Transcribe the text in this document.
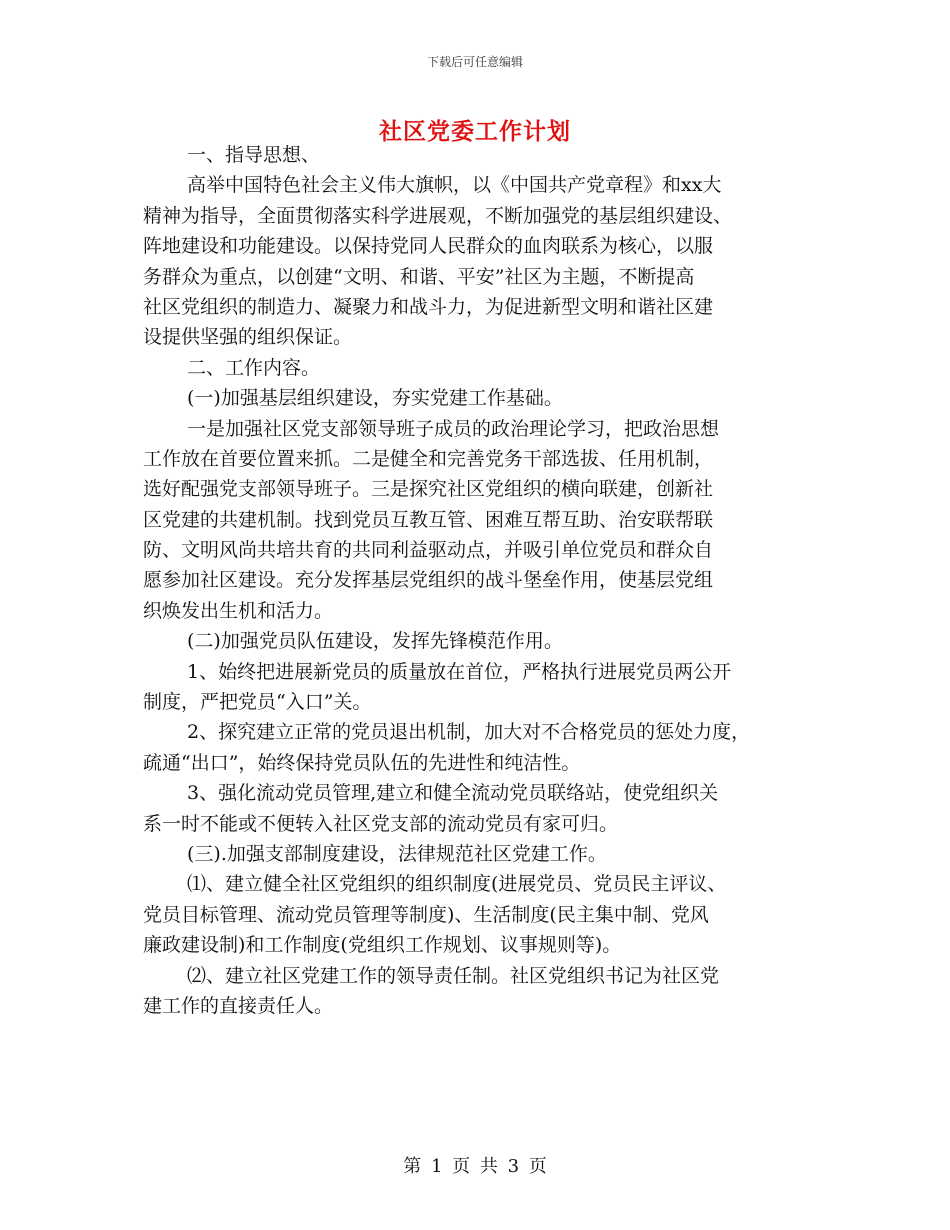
下载后可任意编辑
社区党委工作计划
一、指导思想、
高举中国特色社会主义伟大旗帜，以《中国共产党章程》和xx大
精神为指导，全面贯彻落实科学进展观，不断加强党的基层组织建设、
阵地建设和功能建设。以保持党同人民群众的血肉联系为核心，以服
务群众为重点，以创建“文明、和谐、平安”社区为主题，不断提高
社区党组织的制造力、凝聚力和战斗力，为促进新型文明和谐社区建
设提供坚强的组织保证。
二、工作内容。
(一)加强基层组织建设，夯实党建工作基础。
一是加强社区党支部领导班子成员的政治理论学习，把政治思想
工作放在首要位置来抓。二是健全和完善党务干部选拔、任用机制，
选好配强党支部领导班子。三是探究社区党组织的横向联建，创新社
区党建的共建机制。找到党员互教互管、困难互帮互助、治安联帮联
防、文明风尚共培共育的共同利益驱动点，并吸引单位党员和群众自
愿参加社区建设。充分发挥基层党组织的战斗堡垒作用，使基层党组
织焕发出生机和活力。
(二)加强党员队伍建设，发挥先锋模范作用。
1、始终把进展新党员的质量放在首位，严格执行进展党员两公开
制度，严把党员“入口”关。
2、探究建立正常的党员退出机制，加大对不合格党员的惩处力度，
疏通“出口”，始终保持党员队伍的先进性和纯洁性。
3、强化流动党员管理,建立和健全流动党员联络站，使党组织关
系一时不能或不便转入社区党支部的流动党员有家可归。
(三).加强支部制度建设，法律规范社区党建工作。
⑴、建立健全社区党组织的组织制度(进展党员、党员民主评议、
党员目标管理、流动党员管理等制度)、生活制度(民主集中制、党风
廉政建设制)和工作制度(党组织工作规划、议事规则等)。
⑵、建立社区党建工作的领导责任制。社区党组织书记为社区党
建工作的直接责任人。
第 1 页 共 3 页
